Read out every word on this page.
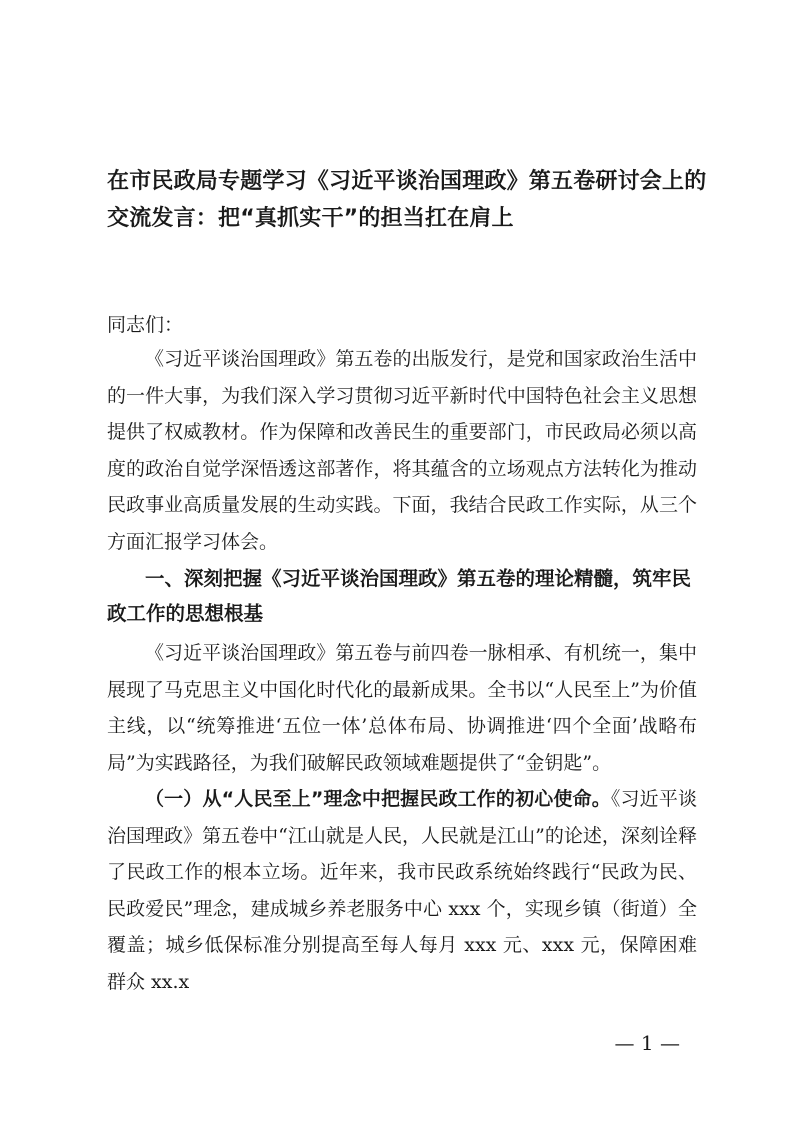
在市民政局专题学习《习近平谈治国理政》第五卷研讨会上的交流发言：把“真抓实干”的担当扛在肩上

同志们：

《习近平谈治国理政》第五卷的出版发行，是党和国家政治生活中的一件大事，为我们深入学习贯彻习近平新时代中国特色社会主义思想提供了权威教材。作为保障和改善民生的重要部门，市民政局必须以高度的政治自觉学深悟透这部著作，将其蕴含的立场观点方法转化为推动民政事业高质量发展的生动实践。下面，我结合民政工作实际，从三个方面汇报学习体会。

一、深刻把握《习近平谈治国理政》第五卷的理论精髓，筑牢民政工作的思想根基

《习近平谈治国理政》第五卷与前四卷一脉相承、有机统一，集中展现了马克思主义中国化时代化的最新成果。全书以“人民至上”为价值主线，以“统筹推进‘五位一体’总体布局、协调推进‘四个全面’战略布局”为实践路径，为我们破解民政领域难题提供了“金钥匙”。

（一）从“人民至上”理念中把握民政工作的初心使命。《习近平谈治国理政》第五卷中“江山就是人民，人民就是江山”的论述，深刻诠释了民政工作的根本立场。近年来，我市民政系统始终践行“民政为民、民政爱民”理念，建成城乡养老服务中心 xxx 个，实现乡镇（街道）全覆盖；城乡低保标准分别提高至每人每月 xxx 元、xxx 元，保障困难群众 xx.x

— 1 —
